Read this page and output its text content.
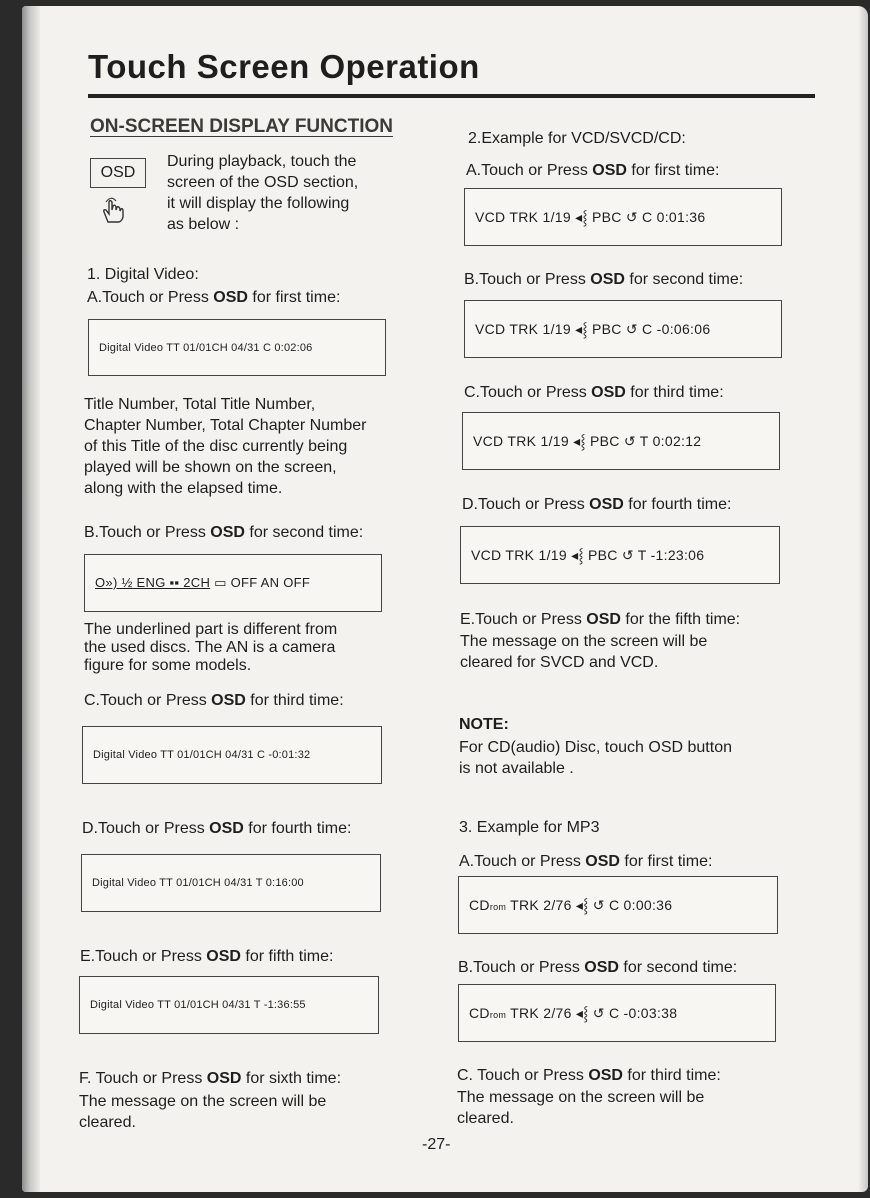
Touch Screen Operation
ON-SCREEN DISPLAY FUNCTION
OSD
During playback, touch the
screen of the OSD section,
it will display the following
as below :
1. Digital Video:
A.Touch or Press OSD for first time:
Digital Video TT 01/01CH 04/31 C 0:02:06
Title Number, Total Title Number,
Chapter Number, Total Chapter Number
of this Title of the disc currently being
played will be shown on the screen,
along with the elapsed time.
B.Touch or Press OSD for second time:
O») ½ ENG ▪▪ 2CH ▭ OFF AN OFF
The underlined part is different from
the used discs. The AN is a camera
figure for some models.
C.Touch or Press OSD for third time:
Digital Video TT 01/01CH 04/31 C -0:01:32
D.Touch or Press OSD for fourth time:
Digital Video TT 01/01CH 04/31 T 0:16:00
E.Touch or Press OSD for fifth time:
Digital Video TT 01/01CH 04/31 T -1:36:55
F. Touch or Press OSD for sixth time:
The message on the screen will be
cleared.
2.Example for VCD/SVCD/CD:
A.Touch or Press OSD for first time:
VCD TRK 1/19 ◂⸾ PBC ↺ C 0:01:36
B.Touch or Press OSD for second time:
VCD TRK 1/19 ◂⸾ PBC ↺ C -0:06:06
C.Touch or Press OSD for third time:
VCD TRK 1/19 ◂⸾ PBC ↺ T 0:02:12
D.Touch or Press OSD for fourth time:
VCD TRK 1/19 ◂⸾ PBC ↺ T -1:23:06
E.Touch or Press OSD for the fifth time:
The message on the screen will be
cleared for SVCD and VCD.
NOTE:
For CD(audio) Disc, touch OSD button
is not available .
3. Example for MP3
A.Touch or Press OSD for first time:
CDrom TRK 2/76 ◂⸾ ↺ C 0:00:36
B.Touch or Press OSD for second time:
CDrom TRK 2/76 ◂⸾ ↺ C -0:03:38
C. Touch or Press OSD for third time:
The message on the screen will be
cleared.
-27-
